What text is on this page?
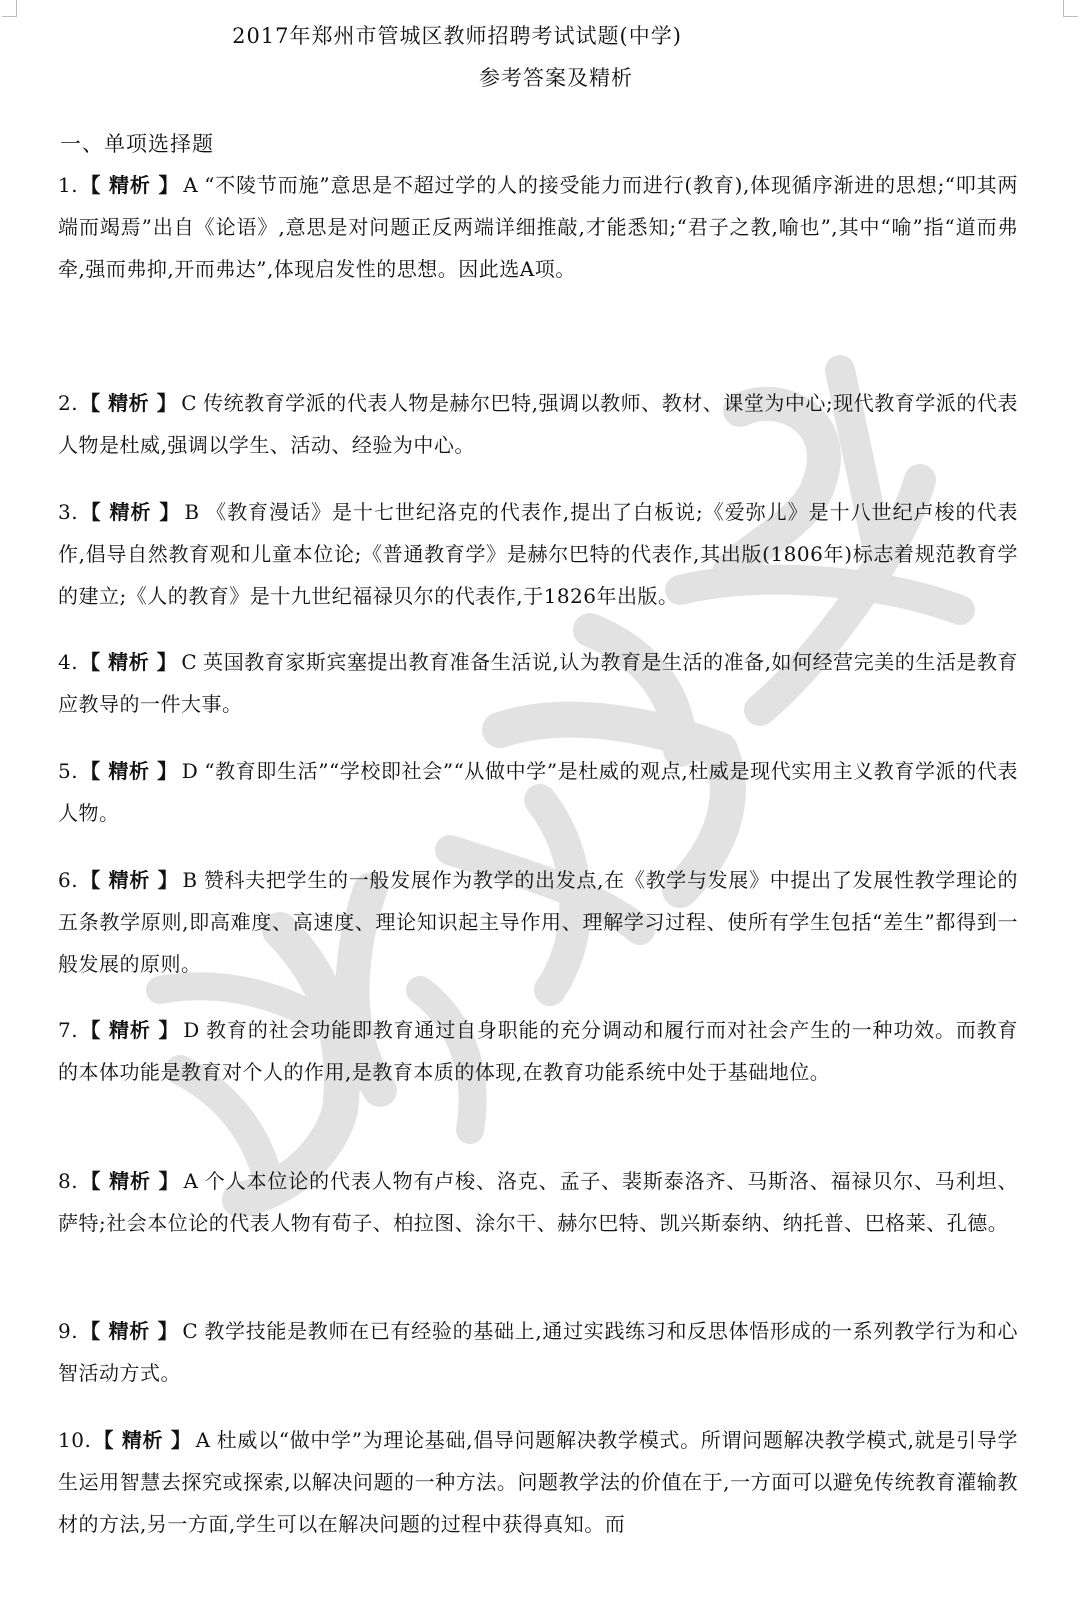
2017年郑州市管城区教师招聘考试试题(中学)
参考答案及精析
一、单项选择题
1. 【 精析 】 A “不陵节而施”意思是不超过学的人的接受能力而进行(教育),体现循序渐进的思想;“叩其两端而竭焉”出自《论语》,意思是对问题正反两端详细推敲,才能悉知;“君子之教,喻也”,其中“喻”指“道而弗牵,强而弗抑,开而弗达”,体现启发性的思想。因此选A项。
2. 【 精析 】 C 传统教育学派的代表人物是赫尔巴特,强调以教师、教材、课堂为中心;现代教育学派的代表人物是杜威,强调以学生、活动、经验为中心。
3. 【 精析 】 B 《教育漫话》是十七世纪洛克的代表作,提出了白板说;《爱弥儿》是十八世纪卢梭的代表作,倡导自然教育观和儿童本位论;《普通教育学》是赫尔巴特的代表作,其出版(1806年)标志着规范教育学的建立;《人的教育》是十九世纪福禄贝尔的代表作,于1826年出版。
4. 【 精析 】 C 英国教育家斯宾塞提出教育准备生活说,认为教育是生活的准备,如何经营完美的生活是教育应教导的一件大事。
5. 【 精析 】 D “教育即生活”“学校即社会”“从做中学”是杜威的观点,杜威是现代实用主义教育学派的代表人物。
6. 【 精析 】 B 赞科夫把学生的一般发展作为教学的出发点,在《教学与发展》中提出了发展性教学理论的五条教学原则,即高难度、高速度、理论知识起主导作用、理解学习过程、使所有学生包括“差生”都得到一般发展的原则。
7. 【 精析 】 D 教育的社会功能即教育通过自身职能的充分调动和履行而对社会产生的一种功效。而教育的本体功能是教育对个人的作用,是教育本质的体现,在教育功能系统中处于基础地位。
8. 【 精析 】 A 个人本位论的代表人物有卢梭、洛克、孟子、裴斯泰洛齐、马斯洛、福禄贝尔、马利坦、萨特;社会本位论的代表人物有荀子、柏拉图、涂尔干、赫尔巴特、凯兴斯泰纳、纳托普、巴格莱、孔德。
9. 【 精析 】 C 教学技能是教师在已有经验的基础上,通过实践练习和反思体悟形成的一系列教学行为和心智活动方式。
10. 【 精析 】 A 杜威以“做中学”为理论基础,倡导问题解决教学模式。所谓问题解决教学模式,就是引导学生运用智慧去探究或探索,以解决问题的一种方法。问题教学法的价值在于,一方面可以避免传统教育灌输教材的方法,另一方面,学生可以在解决问题的过程中获得真知。而
